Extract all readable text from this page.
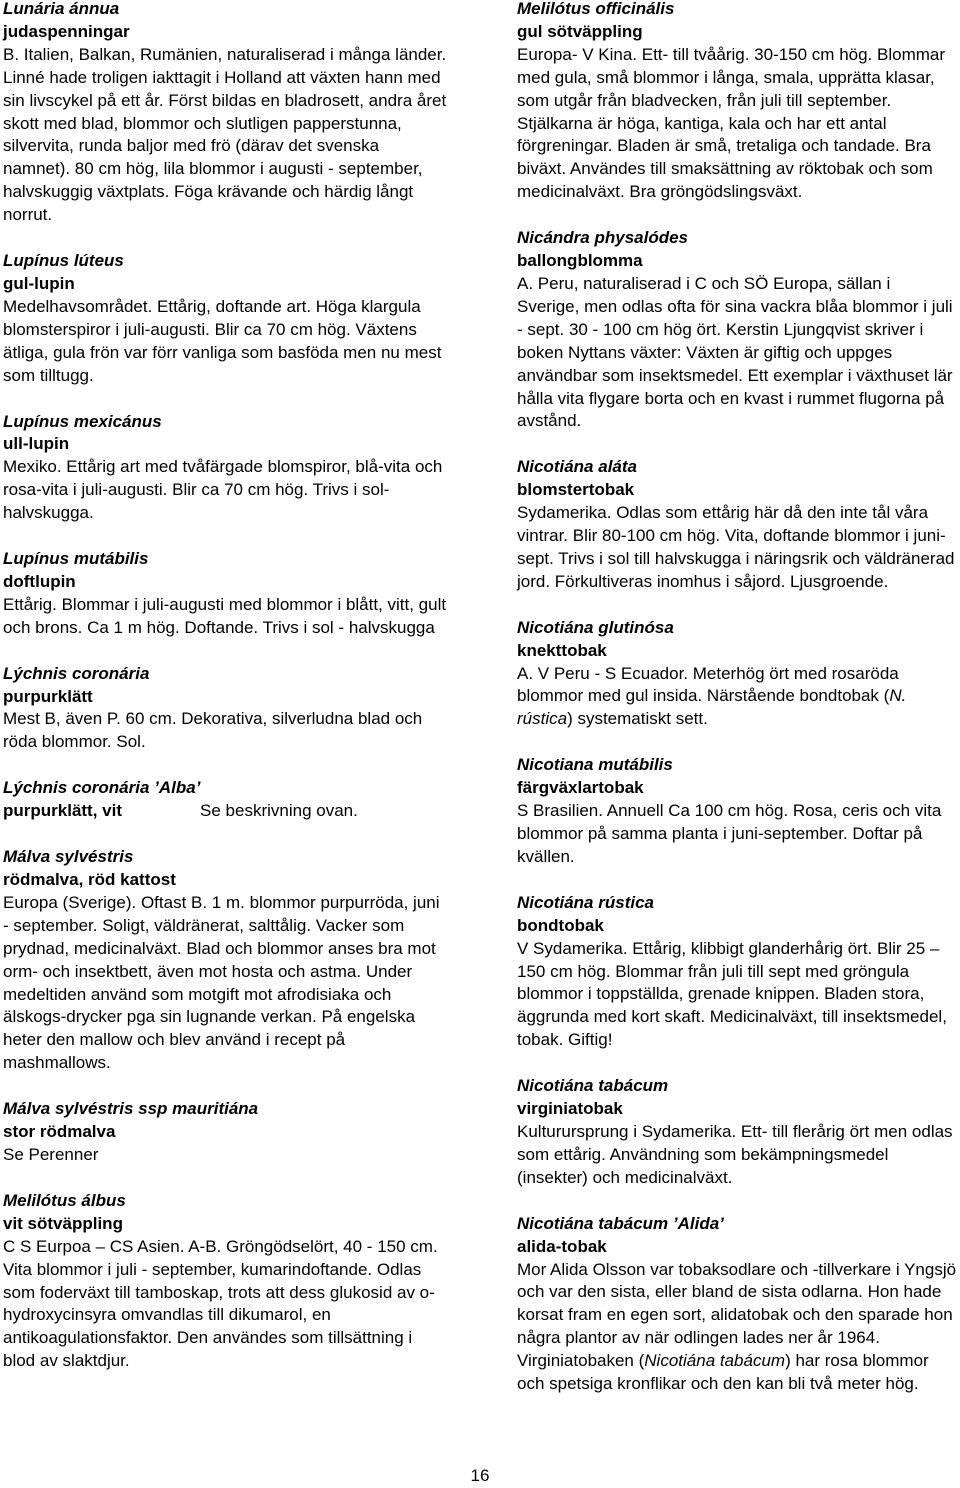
Lunária ánnua
judaspenningar
B. Italien, Balkan, Rumänien, naturaliserad i många länder. Linné hade troligen iakttagit i Holland att växten hann med sin livscykel på ett år. Först bildas en bladrosett, andra året skott med blad, blommor och slutligen papperstunna, silvervita, runda baljor med frö (därav det svenska namnet). 80 cm hög, lila blommor i augusti - september, halvskuggig växtplats. Föga krävande och härdig långt norrut.
Lupínus lúteus
gul-lupin
Medelhavsområdet. Ettårig, doftande art. Höga klargula blomsterspiror i juli-augusti. Blir ca 70 cm hög. Växtens ätliga, gula frön var förr vanliga som basföda men nu mest som tilltugg.
Lupínus mexicánus
ull-lupin
Mexiko. Ettårig art med tvåfärgade blomspiror, blå-vita och rosa-vita i juli-augusti. Blir ca 70 cm hög. Trivs i sol-halvskugga.
Lupínus mutábilis
doftlupin
Ettårig. Blommar i juli-augusti med blommor i blått, vitt, gult och brons. Ca 1 m hög. Doftande. Trivs i sol - halvskugga
Lýchnis coronária
purpurklätt
Mest B, även P. 60 cm. Dekorativa, silverludna blad och röda blommor. Sol.
Lýchnis coronária ’Alba’
purpurklätt, vit	Se beskrivning ovan.
Málva sylvéstris
rödmalva, röd kattost
Europa (Sverige). Oftast B. 1 m. blommor purpurröda, juni - september. Soligt, väldränerat, salttålig. Vacker som prydnad, medicinalväxt. Blad och blommor anses bra mot orm- och insektbett, även mot hosta och astma. Under medeltiden använd som motgift mot afrodisiaka och älskogs-drycker pga sin lugnande verkan. På engelska heter den mallow och blev använd i recept på mashmallows.
Málva sylvéstris ssp mauritiána
stor rödmalva
Se Perenner
Melilótus álbus
vit sötväppling
C S Eurpoa – CS Asien. A-B. Gröngödselört, 40 - 150 cm. Vita blommor i juli - september, kumarindoftande. Odlas som foderväxt till tamboskap, trots att dess glukosid av o-hydroxycinsyra omvandlas till dikumarol, en antikoagulationsfaktor. Den användes som tillsättning i blod av slaktdjur.
Melilótus officinális
gul sötväppling
Europa- V Kina. Ett- till tvåårig. 30-150 cm hög. Blommar med gula, små blommor i långa, smala, upprätta klasar, som utgår från bladvecken, från juli till september. Stjälkarna är höga, kantiga, kala och har ett antal förgreningar. Bladen är små, tretaliga och tandade. Bra biväxt. Användes till smaksättning av röktobak och som medicinalväxt. Bra gröngödslingsväxt.
Nicándra physalódes
ballongblomma
A. Peru, naturaliserad i C och SÖ Europa, sällan i Sverige, men odlas ofta för sina vackra blåa blommor i juli - sept. 30 - 100 cm hög ört. Kerstin Ljungqvist skriver i boken Nyttans växter: Växten är giftig och uppges användbar som insektsmedel. Ett exemplar i växthuset lär hålla vita flygare borta och en kvast i rummet flugorna på avstånd.
Nicotiána aláta
blomstertobak
Sydamerika. Odlas som ettårig här då den inte tål våra vintrar. Blir 80-100 cm hög. Vita, doftande blommor i juni-sept. Trivs i sol till halvskugga i näringsrik och väldränerad jord. Förkultiveras inomhus i såjord. Ljusgroende.
Nicotiána glutinósa
knekttobak
A. V Peru - S Ecuador. Meterhög ört med rosaröda blommor med gul insida. Närstående bondtobak (N. rústica) systematiskt sett.
Nicotiana mutábilis
färgväxlartobak
S Brasilien. Annuell Ca 100 cm hög. Rosa, ceris och vita blommor på samma planta i juni-september. Doftar på kvällen.
Nicotiána rústica
bondtobak
V Sydamerika. Ettårig, klibbigt glanderhårig ört. Blir 25 – 150 cm hög. Blommar från juli till sept med gröngula blommor i toppställda, grenade knippen. Bladen stora, äggrunda med kort skaft. Medicinalväxt, till insektsmedel, tobak. Giftig!
Nicotiána tabácum
virginiatobak
Kulturursprung i Sydamerika. Ett- till flerårig ört men odlas som ettårig. Användning som bekämpningsmedel (insekter) och medicinalväxt.
Nicotiána tabácum ’Alida’
alida-tobak
Mor Alida Olsson var tobaksodlare och -tillverkare i Yngsjö och var den sista, eller bland de sista odlarna. Hon hade korsat fram en egen sort, alidatobak och den sparade hon några plantor av när odlingen lades ner år 1964. Virginiatobaken (Nicotiána tabácum) har rosa blommor och spetsiga kronflikar och den kan bli två meter hög.
16
